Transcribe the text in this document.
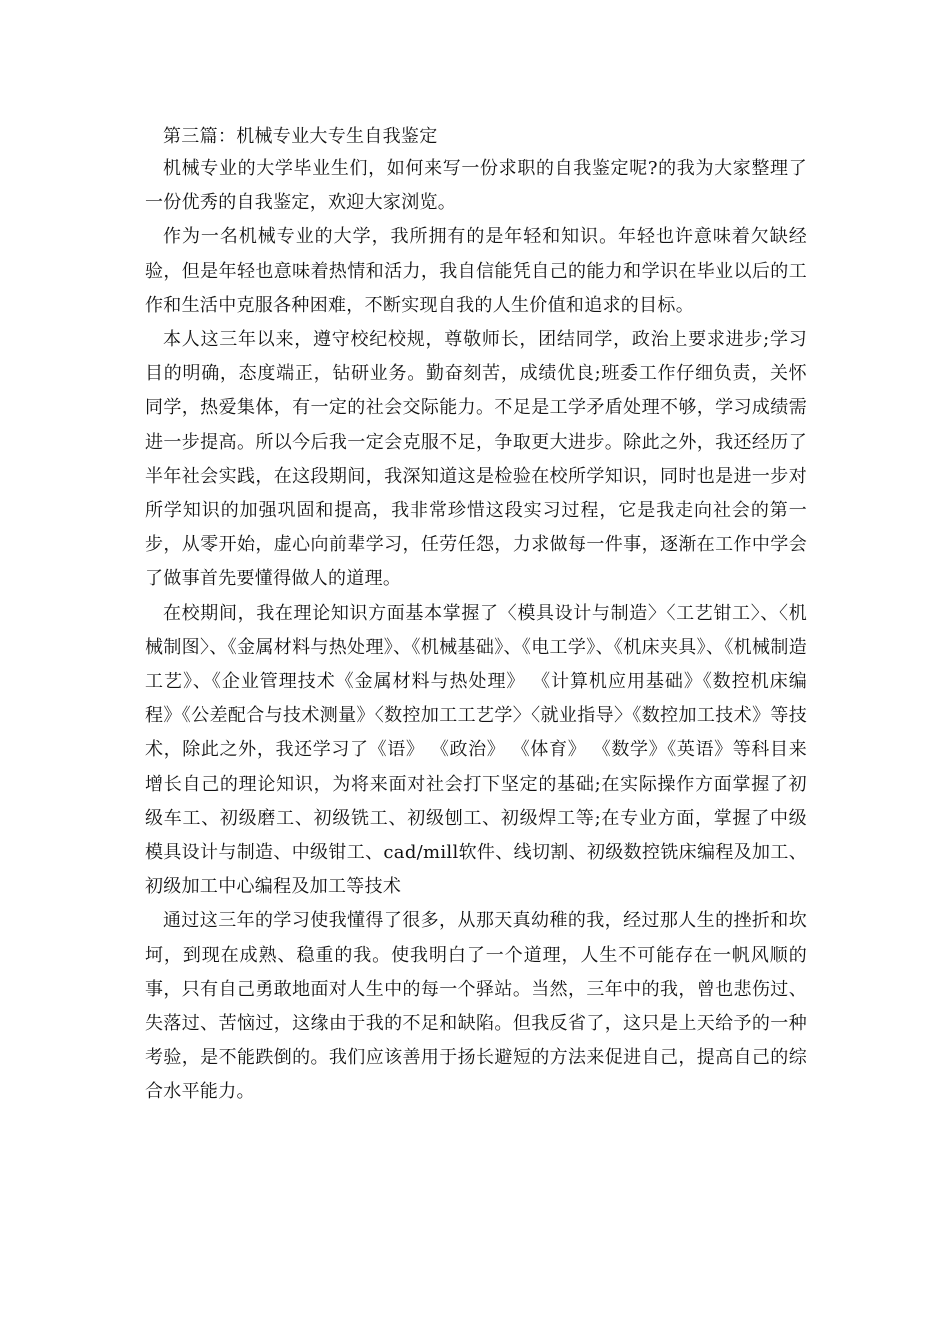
第三篇：机械专业大专生自我鉴定

机械专业的大学毕业生们，如何来写一份求职的自我鉴定呢?的我为大家整理了一份优秀的自我鉴定，欢迎大家浏览。

作为一名机械专业的大学，我所拥有的是年轻和知识。年轻也许意味着欠缺经验，但是年轻也意味着热情和活力，我自信能凭自己的能力和学识在毕业以后的工作和生活中克服各种困难，不断实现自我的人生价值和追求的目标。

本人这三年以来，遵守校纪校规，尊敬师长，团结同学，政治上要求进步;学习目的明确，态度端正，钻研业务。勤奋刻苦，成绩优良;班委工作仔细负责，关怀同学，热爱集体，有一定的社会交际能力。不足是工学矛盾处理不够，学习成绩需进一步提高。所以今后我一定会克服不足，争取更大进步。除此之外，我还经历了半年社会实践，在这段期间，我深知道这是检验在校所学知识，同时也是进一步对所学知识的加强巩固和提高，我非常珍惜这段实习过程，它是我走向社会的第一步，从零开始，虚心向前辈学习，任劳任怨，力求做每一件事，逐渐在工作中学会了做事首先要懂得做人的道理。

在校期间，我在理论知识方面基本掌握了〈模具设计与制造〉〈工艺钳工〉、〈机械制图〉、《金属材料与热处理》、《机械基础》、《电工学》、《机床夹具》、《机械制造工艺》、《企业管理技术《金属材料与热处理》 《计算机应用基础》《数控机床编程》《公差配合与技术测量》〈数控加工工艺学〉〈就业指导〉《数控加工技术》等技术，除此之外，我还学习了《语》 《政治》 《体育》 《数学》《英语》等科目来增长自己的理论知识，为将来面对社会打下坚定的基础;在实际操作方面掌握了初级车工、初级磨工、初级铣工、初级刨工、初级焊工等;在专业方面，掌握了中级模具设计与制造、中级钳工、cad/mill软件、线切割、初级数控铣床编程及加工、初级加工中心编程及加工等技术

通过这三年的学习使我懂得了很多，从那天真幼稚的我，经过那人生的挫折和坎坷，到现在成熟、稳重的我。使我明白了一个道理，人生不可能存在一帆风顺的事，只有自己勇敢地面对人生中的每一个驿站。当然，三年中的我，曾也悲伤过、失落过、苦恼过，这缘由于我的不足和缺陷。但我反省了，这只是上天给予的一种考验，是不能跌倒的。我们应该善用于扬长避短的方法来促进自己，提高自己的综合水平能力。
